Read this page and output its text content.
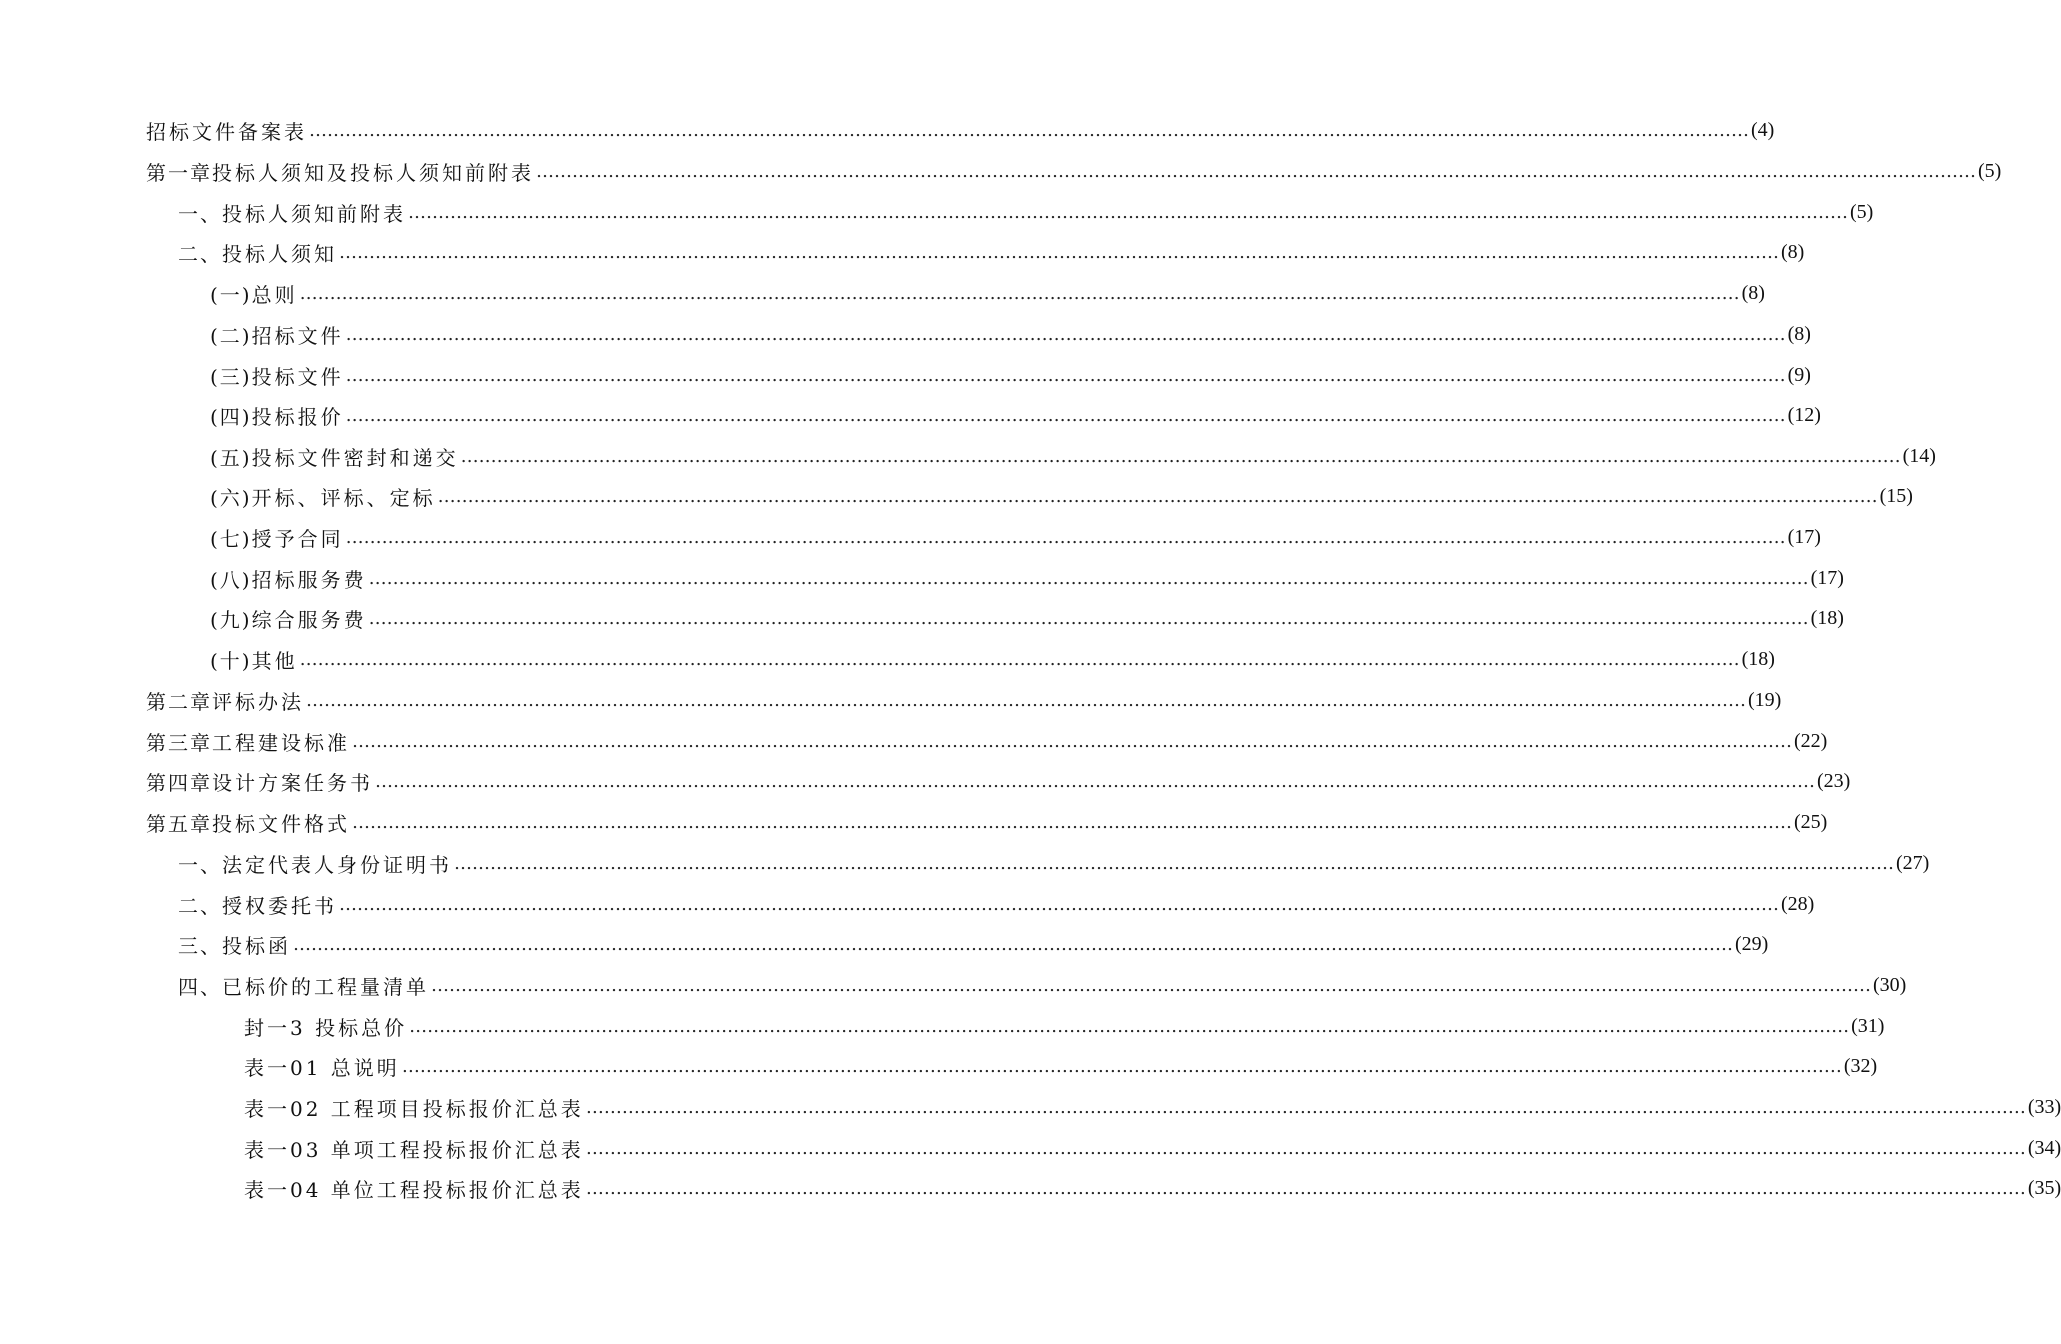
招标文件备案表 …………………………………………………………………………………………………………………………………………………………………………………………………………………… (4)
第一章 投标人须知及投标人须知前附表 …………………………………………………………………………………………………………………………………………………………………………………………………………………… (5)
一、 投标人须知前附表 …………………………………………………………………………………………………………………………………………………………………………………………………………………… (5)
二、 投标人须知 …………………………………………………………………………………………………………………………………………………………………………………………………………………… (8)
(一) 总则 …………………………………………………………………………………………………………………………………………………………………………………………………………………… (8)
(二) 招标文件 …………………………………………………………………………………………………………………………………………………………………………………………………………………… (8)
(三) 投标文件 …………………………………………………………………………………………………………………………………………………………………………………………………………………… (9)
(四) 投标报价 …………………………………………………………………………………………………………………………………………………………………………………………………………………… (12)
(五) 投标文件密封和递交 …………………………………………………………………………………………………………………………………………………………………………………………………………………… (14)
(六) 开标、评标、定标 …………………………………………………………………………………………………………………………………………………………………………………………………………………… (15)
(七) 授予合同 …………………………………………………………………………………………………………………………………………………………………………………………………………………… (17)
(八) 招标服务费 …………………………………………………………………………………………………………………………………………………………………………………………………………………… (17)
(九) 综合服务费 …………………………………………………………………………………………………………………………………………………………………………………………………………………… (18)
(十) 其他 …………………………………………………………………………………………………………………………………………………………………………………………………………………… (18)
第二章 评标办法 …………………………………………………………………………………………………………………………………………………………………………………………………………………… (19)
第三章 工程建设标准 …………………………………………………………………………………………………………………………………………………………………………………………………………………… (22)
第四章 设计方案任务书 …………………………………………………………………………………………………………………………………………………………………………………………………………………… (23)
第五章 投标文件格式 …………………………………………………………………………………………………………………………………………………………………………………………………………………… (25)
一、 法定代表人身份证明书 …………………………………………………………………………………………………………………………………………………………………………………………………………………… (27)
二、 授权委托书 …………………………………………………………………………………………………………………………………………………………………………………………………………………… (28)
三、 投标函 …………………………………………………………………………………………………………………………………………………………………………………………………………………… (29)
四、 已标价的工程量清单 …………………………………………………………………………………………………………………………………………………………………………………………………………………… (30)
封一3 投标总价 …………………………………………………………………………………………………………………………………………………………………………………………………………………… (31)
表一01 总说明 …………………………………………………………………………………………………………………………………………………………………………………………………………………… (32)
表一02 工程项目投标报价汇总表 …………………………………………………………………………………………………………………………………………………………………………………………………………………… (33)
表一03 单项工程投标报价汇总表 …………………………………………………………………………………………………………………………………………………………………………………………………………………… (34)
表一04 单位工程投标报价汇总表 …………………………………………………………………………………………………………………………………………………………………………………………………………………… (35)
